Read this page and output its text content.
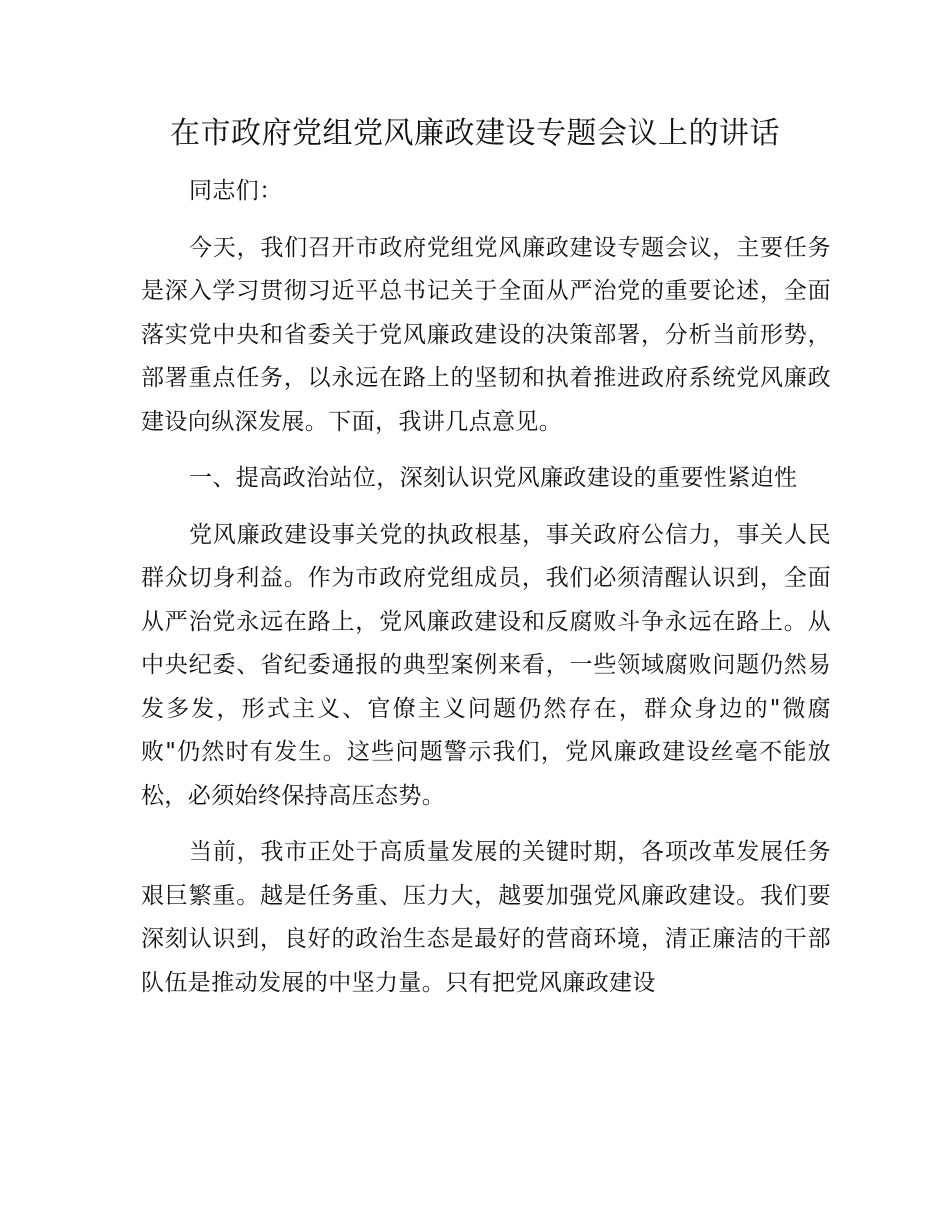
在市政府党组党风廉政建设专题会议上的讲话

同志们：

今天，我们召开市政府党组党风廉政建设专题会议，主要任务是深入学习贯彻习近平总书记关于全面从严治党的重要论述，全面落实党中央和省委关于党风廉政建设的决策部署，分析当前形势，部署重点任务，以永远在路上的坚韧和执着推进政府系统党风廉政建设向纵深发展。下面，我讲几点意见。

一、提高政治站位，深刻认识党风廉政建设的重要性紧迫性

党风廉政建设事关党的执政根基，事关政府公信力，事关人民群众切身利益。作为市政府党组成员，我们必须清醒认识到，全面从严治党永远在路上，党风廉政建设和反腐败斗争永远在路上。从中央纪委、省纪委通报的典型案例来看，一些领域腐败问题仍然易发多发，形式主义、官僚主义问题仍然存在，群众身边的"微腐败"仍然时有发生。这些问题警示我们，党风廉政建设丝毫不能放松，必须始终保持高压态势。

当前，我市正处于高质量发展的关键时期，各项改革发展任务艰巨繁重。越是任务重、压力大，越要加强党风廉政建设。我们要深刻认识到，良好的政治生态是最好的营商环境，清正廉洁的干部队伍是推动发展的中坚力量。只有把党风廉政建设
